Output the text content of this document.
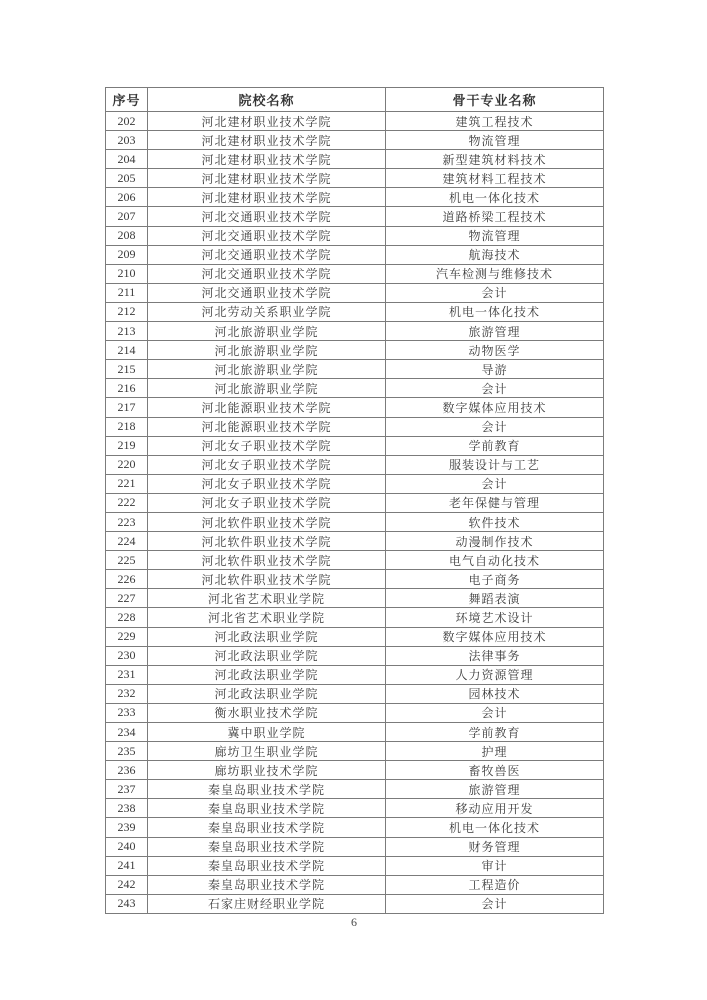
序号	院校名称	骨干专业名称
202	河北建材职业技术学院	建筑工程技术
203	河北建材职业技术学院	物流管理
204	河北建材职业技术学院	新型建筑材料技术
205	河北建材职业技术学院	建筑材料工程技术
206	河北建材职业技术学院	机电一体化技术
207	河北交通职业技术学院	道路桥梁工程技术
208	河北交通职业技术学院	物流管理
209	河北交通职业技术学院	航海技术
210	河北交通职业技术学院	汽车检测与维修技术
211	河北交通职业技术学院	会计
212	河北劳动关系职业学院	机电一体化技术
213	河北旅游职业学院	旅游管理
214	河北旅游职业学院	动物医学
215	河北旅游职业学院	导游
216	河北旅游职业学院	会计
217	河北能源职业技术学院	数字媒体应用技术
218	河北能源职业技术学院	会计
219	河北女子职业技术学院	学前教育
220	河北女子职业技术学院	服装设计与工艺
221	河北女子职业技术学院	会计
222	河北女子职业技术学院	老年保健与管理
223	河北软件职业技术学院	软件技术
224	河北软件职业技术学院	动漫制作技术
225	河北软件职业技术学院	电气自动化技术
226	河北软件职业技术学院	电子商务
227	河北省艺术职业学院	舞蹈表演
228	河北省艺术职业学院	环境艺术设计
229	河北政法职业学院	数字媒体应用技术
230	河北政法职业学院	法律事务
231	河北政法职业学院	人力资源管理
232	河北政法职业学院	园林技术
233	衡水职业技术学院	会计
234	冀中职业学院	学前教育
235	廊坊卫生职业学院	护理
236	廊坊职业技术学院	畜牧兽医
237	秦皇岛职业技术学院	旅游管理
238	秦皇岛职业技术学院	移动应用开发
239	秦皇岛职业技术学院	机电一体化技术
240	秦皇岛职业技术学院	财务管理
241	秦皇岛职业技术学院	审计
242	秦皇岛职业技术学院	工程造价
243	石家庄财经职业学院	会计
6
